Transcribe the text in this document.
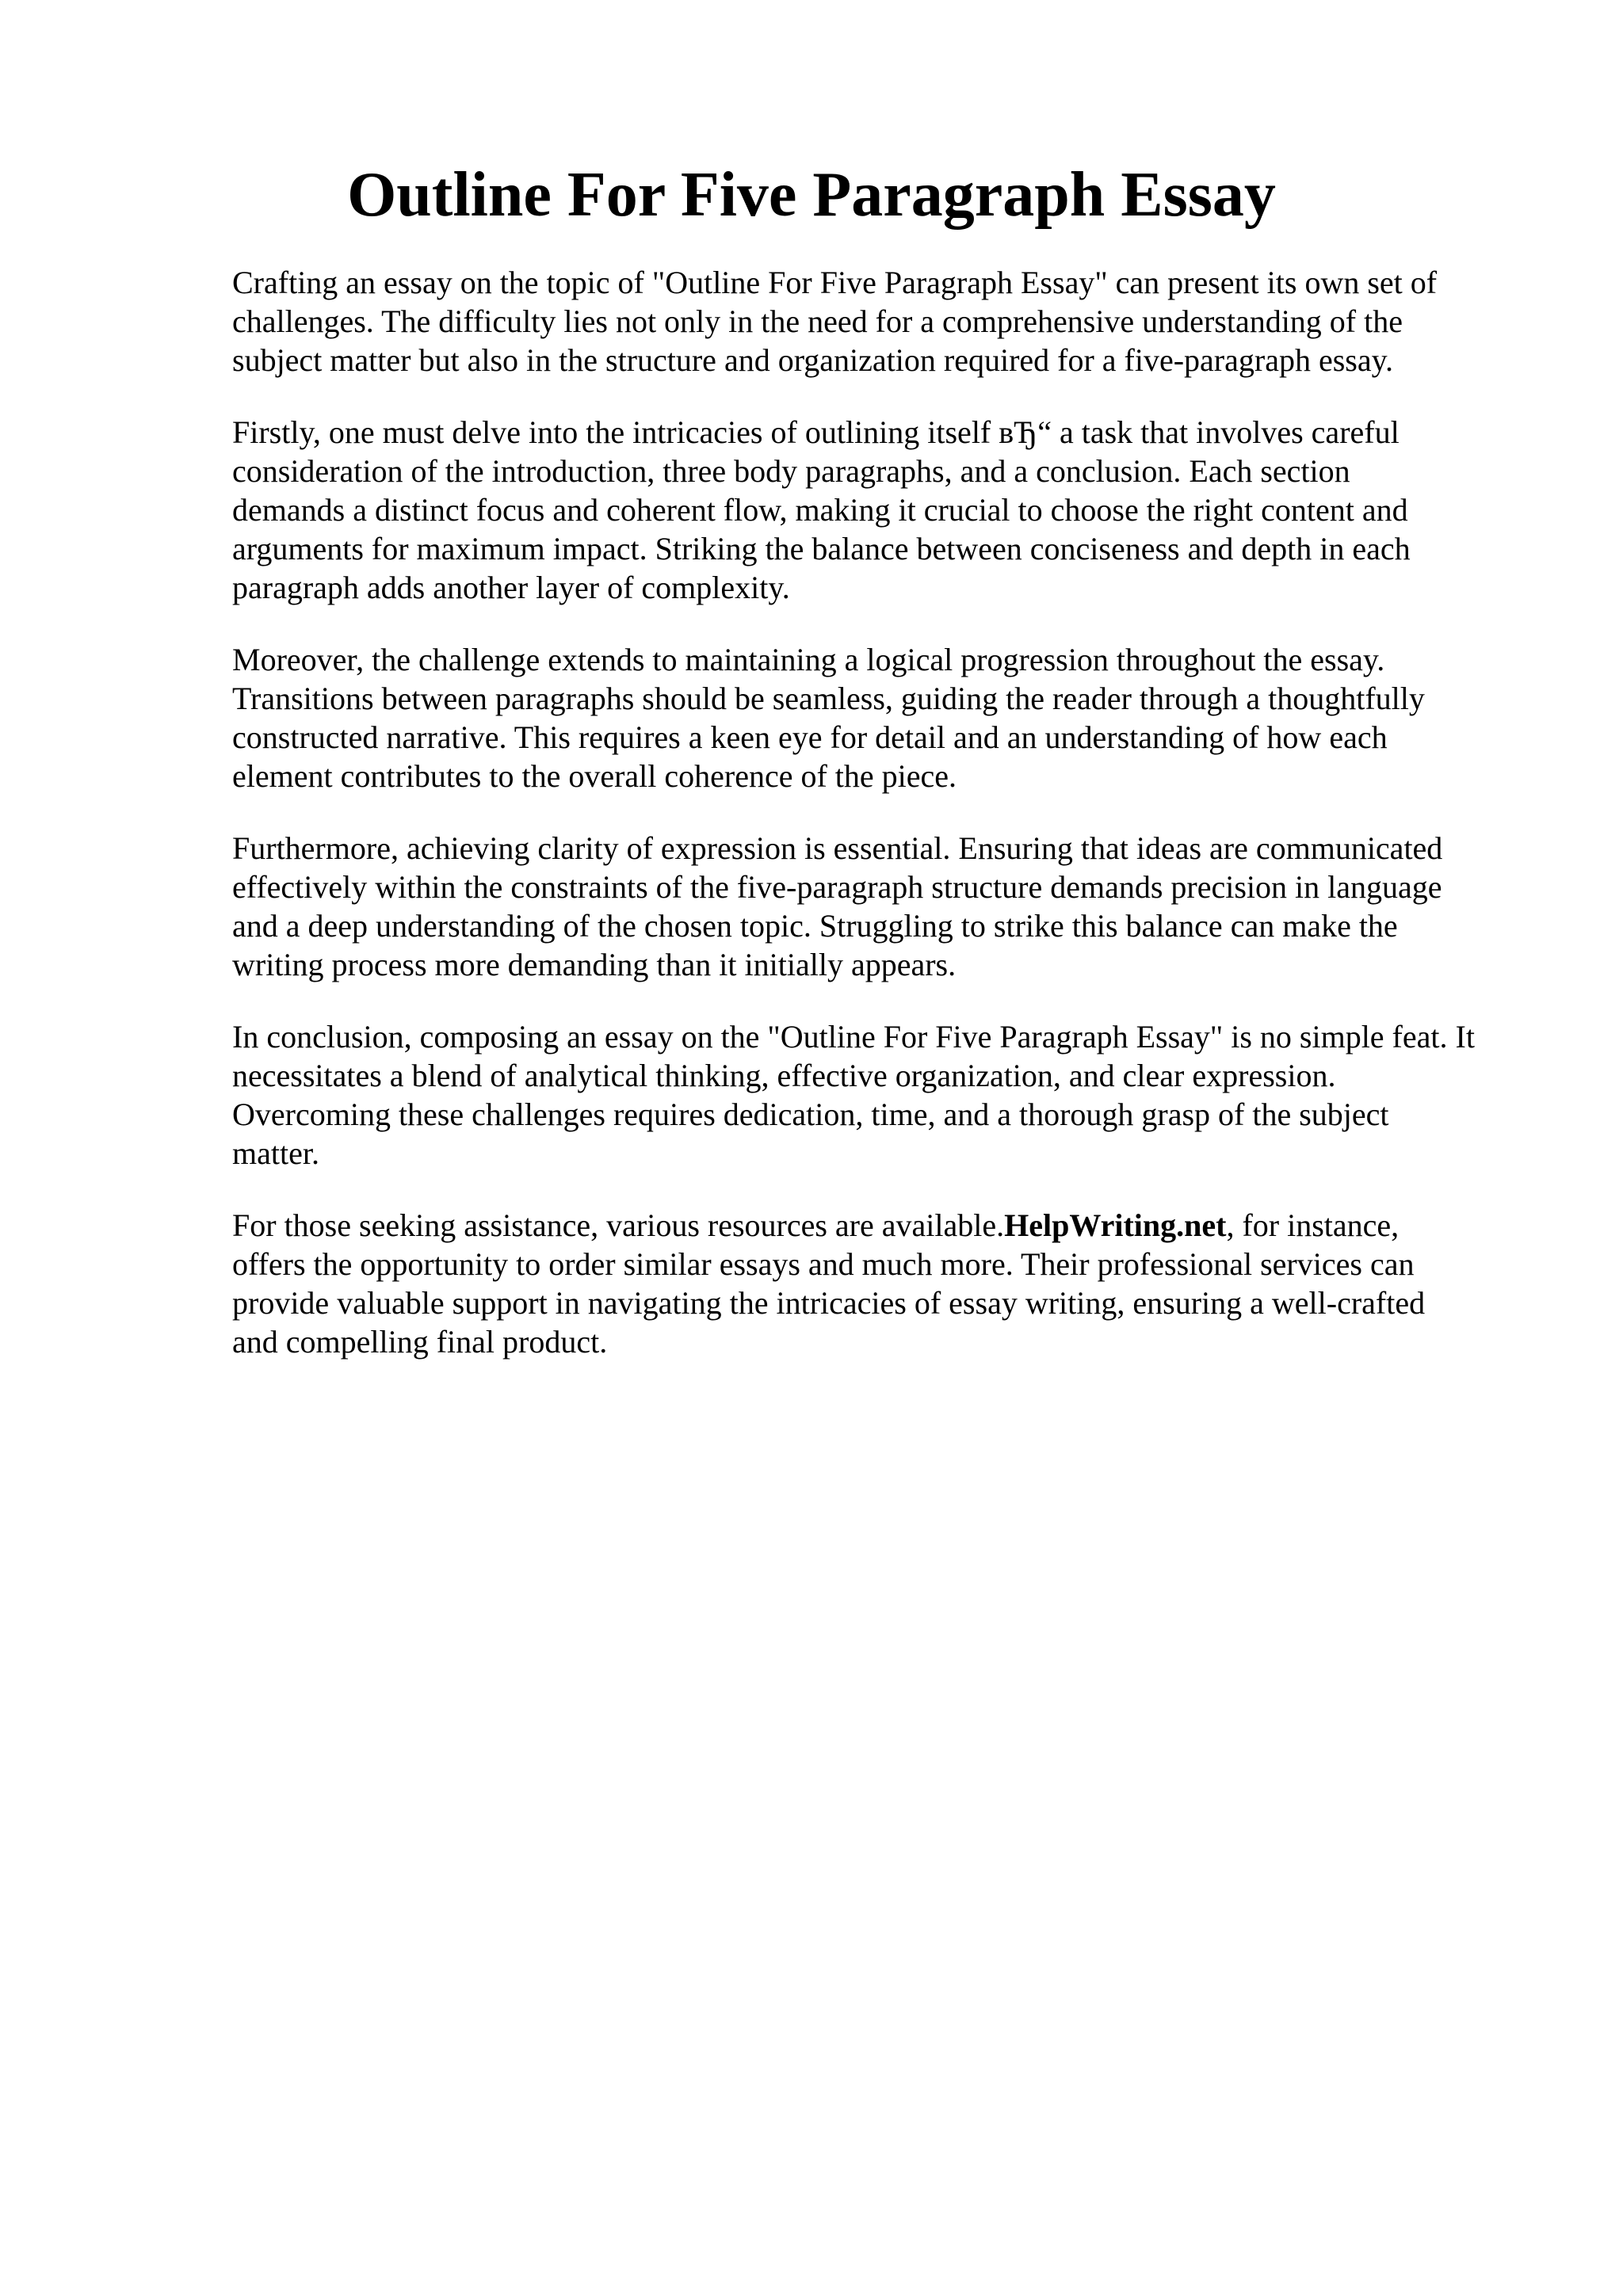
Outline For Five Paragraph Essay

Crafting an essay on the topic of "Outline For Five Paragraph Essay" can present its own set of
challenges. The difficulty lies not only in the need for a comprehensive understanding of the
subject matter but also in the structure and organization required for a five-paragraph essay.

Firstly, one must delve into the intricacies of outlining itself вЂ“ a task that involves careful
consideration of the introduction, three body paragraphs, and a conclusion. Each section
demands a distinct focus and coherent flow, making it crucial to choose the right content and
arguments for maximum impact. Striking the balance between conciseness and depth in each
paragraph adds another layer of complexity.

Moreover, the challenge extends to maintaining a logical progression throughout the essay.
Transitions between paragraphs should be seamless, guiding the reader through a thoughtfully
constructed narrative. This requires a keen eye for detail and an understanding of how each
element contributes to the overall coherence of the piece.

Furthermore, achieving clarity of expression is essential. Ensuring that ideas are communicated
effectively within the constraints of the five-paragraph structure demands precision in language
and a deep understanding of the chosen topic. Struggling to strike this balance can make the
writing process more demanding than it initially appears.

In conclusion, composing an essay on the "Outline For Five Paragraph Essay" is no simple feat. It
necessitates a blend of analytical thinking, effective organization, and clear expression.
Overcoming these challenges requires dedication, time, and a thorough grasp of the subject
matter.

For those seeking assistance, various resources are available.HelpWriting.net, for instance,
offers the opportunity to order similar essays and much more. Their professional services can
provide valuable support in navigating the intricacies of essay writing, ensuring a well-crafted
and compelling final product.
